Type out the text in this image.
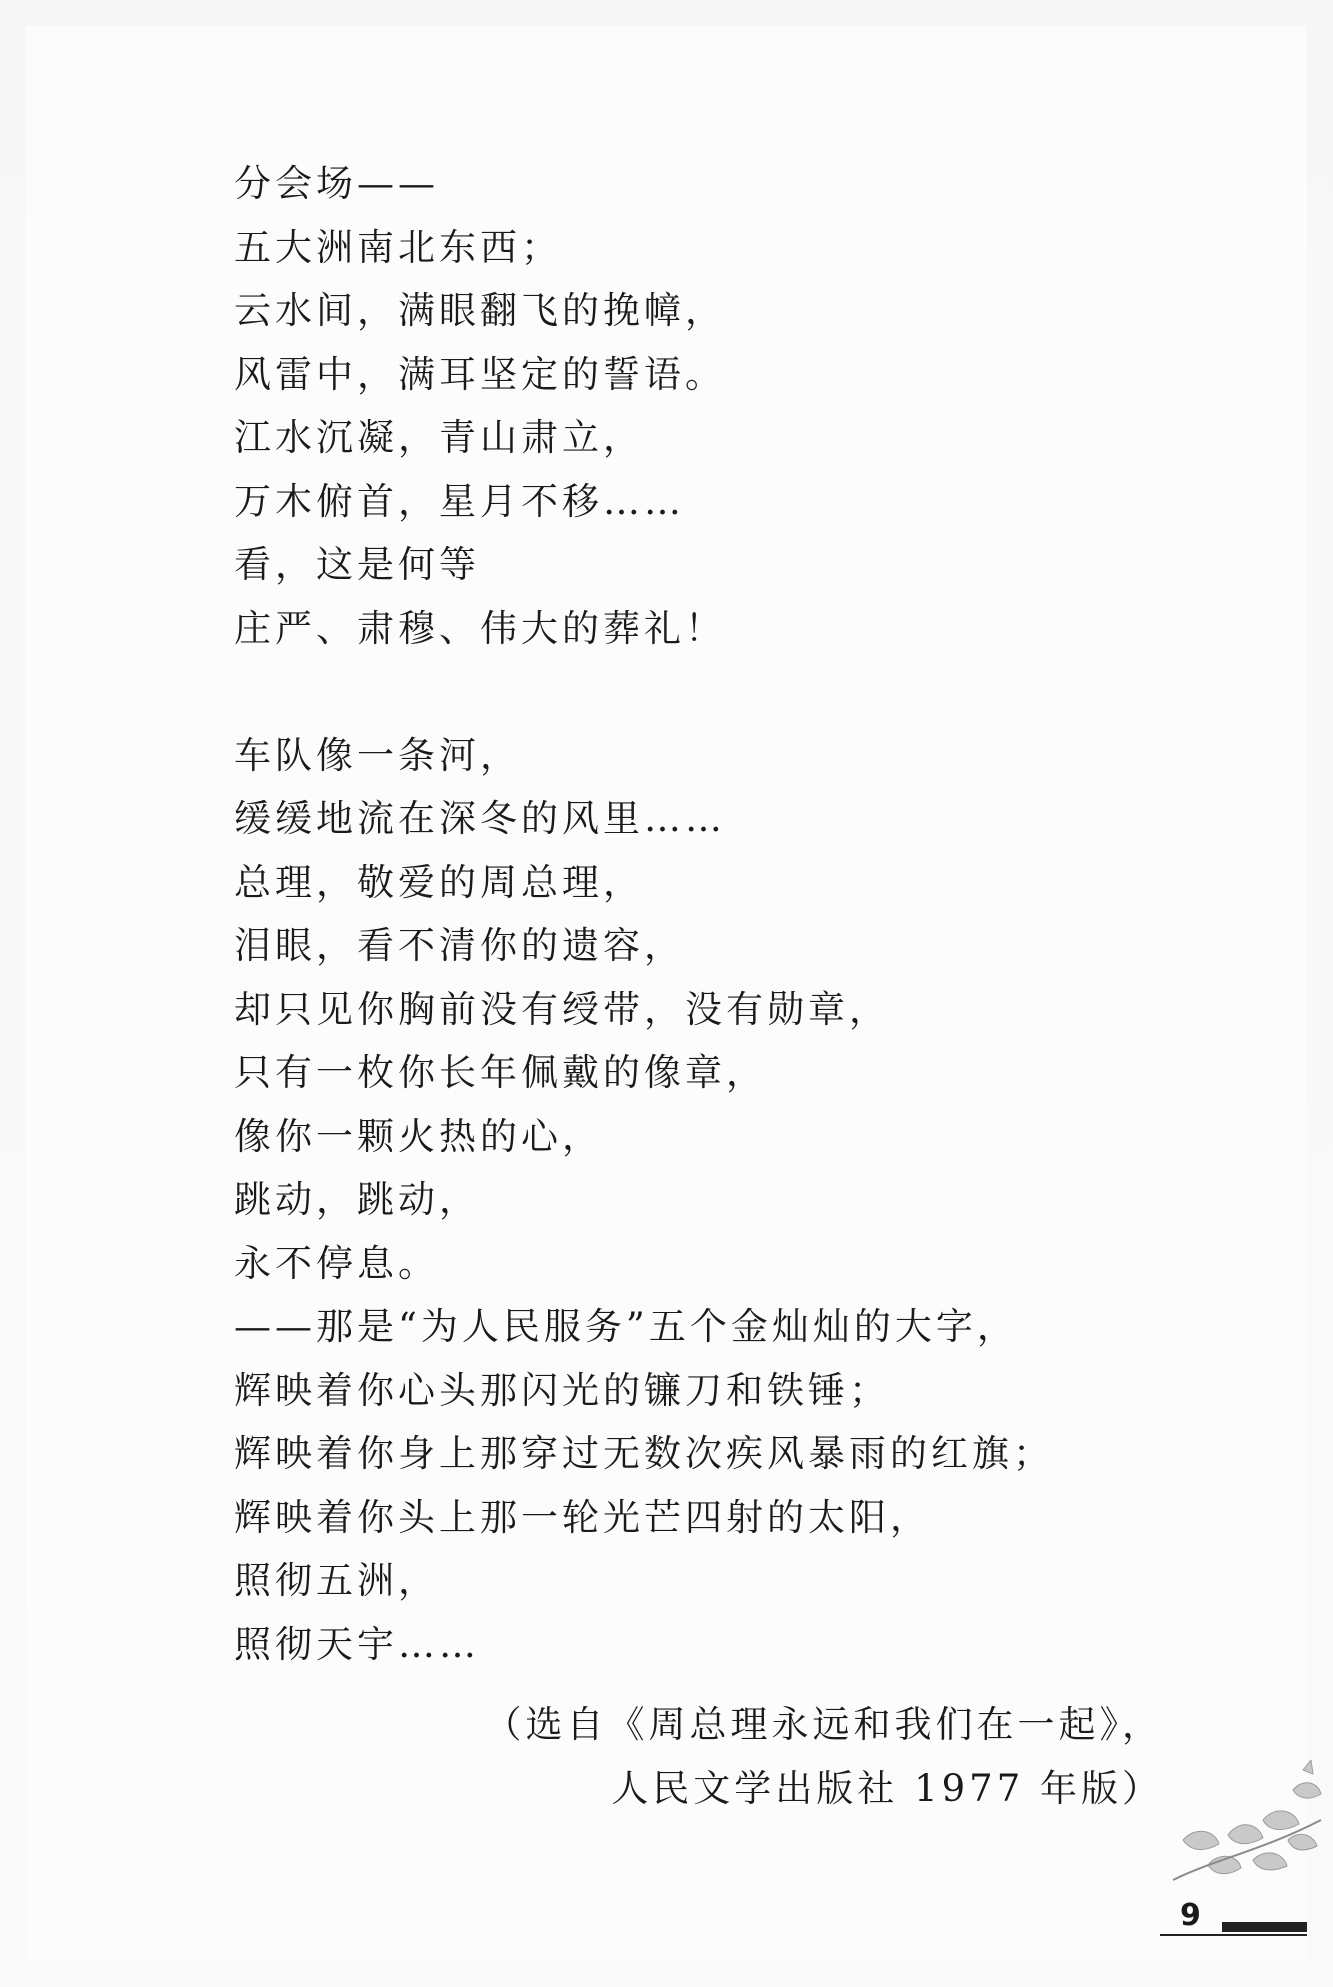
分会场——
五大洲南北东西；
云水间，满眼翻飞的挽幛，
风雷中，满耳坚定的誓语。
江水沉凝，青山肃立，
万木俯首，星月不移……
看，这是何等
庄严、肃穆、伟大的葬礼！
车队像一条河，
缓缓地流在深冬的风里……
总理，敬爱的周总理，
泪眼，看不清你的遗容，
却只见你胸前没有绶带，没有勋章，
只有一枚你长年佩戴的像章，
像你一颗火热的心，
跳动，跳动，
永不停息。
——那是“为人民服务”五个金灿灿的大字，
辉映着你心头那闪光的镰刀和铁锤；
辉映着你身上那穿过无数次疾风暴雨的红旗；
辉映着你头上那一轮光芒四射的太阳，
照彻五洲，
照彻天宇……
（选自《周总理永远和我们在一起》，
人民文学出版社 1977 年版）
9
